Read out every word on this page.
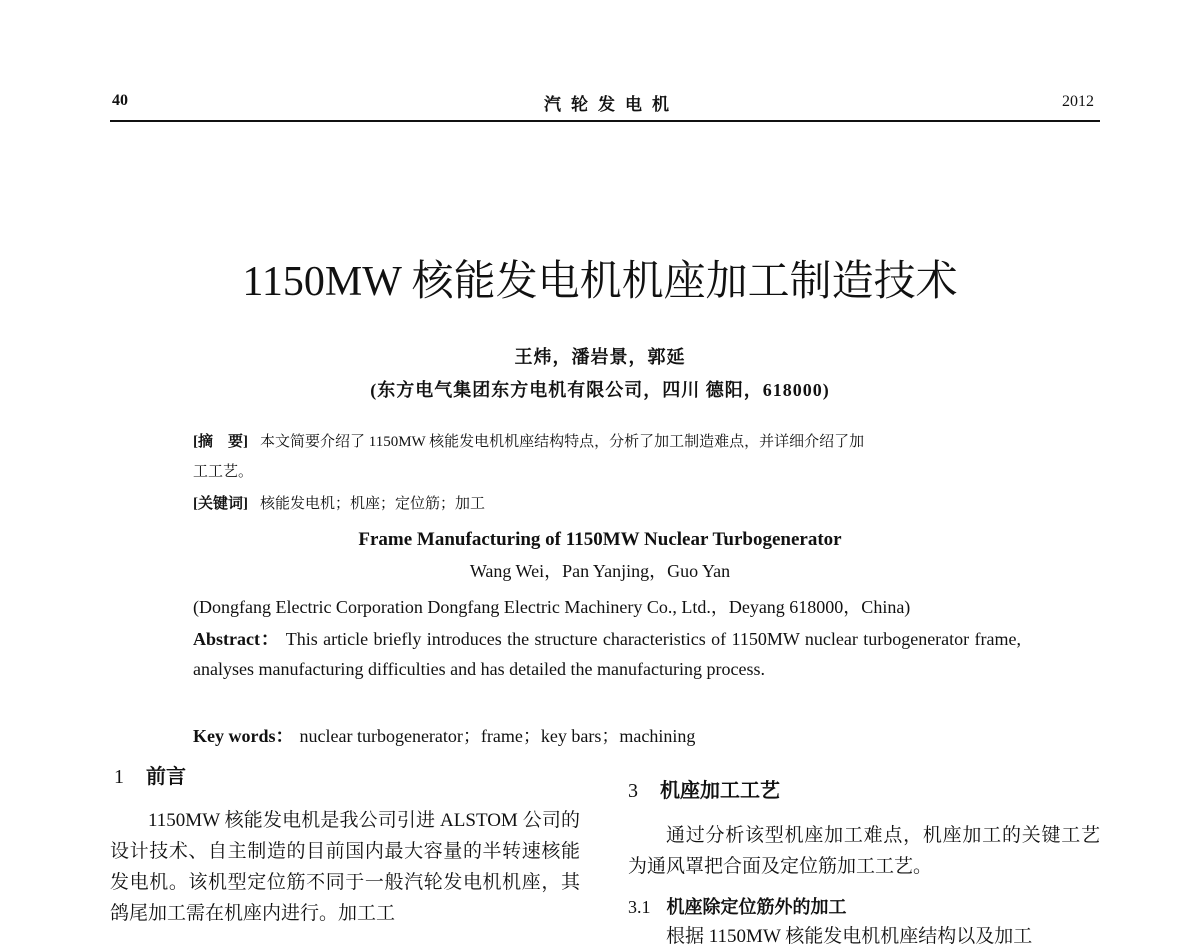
40	汽轮发电机	2012
1150MW 核能发电机机座加工制造技术
王炜，潘岩景，郭延
(东方电气集团东方电机有限公司，四川 德阳，618000)
[摘　要] 本文简要介绍了 1150MW 核能发电机机座结构特点，分析了加工制造难点，并详细介绍了加
工工艺。
[关键词] 核能发电机；机座；定位筋；加工
Frame Manufacturing of 1150MW Nuclear Turbogenerator
Wang Wei，Pan Yanjing，Guo Yan
(Dongfang Electric Corporation Dongfang Electric Machinery Co., Ltd.，Deyang 618000，China)
Abstract： This article briefly introduces the structure characteristics of 1150MW nuclear turbogenerator frame, analyses manufacturing difficulties and has detailed the manufacturing process.
Key words： nuclear turbogenerator；frame；key bars；machining
1 前言
1150MW 核能发电机是我公司引进 ALSTOM 公司的设计技术、自主制造的目前国内最大容量的半转速核能发电机。该机型定位筋不同于一般汽轮发电机机座，其鸽尾加工需在机座内进行。加工工
3 机座加工工艺
通过分析该型机座加工难点，机座加工的关键工艺为通风罩把合面及定位筋加工工艺。
3.1 机座除定位筋外的加工
根据 1150MW 核能发电机机座结构以及加工
